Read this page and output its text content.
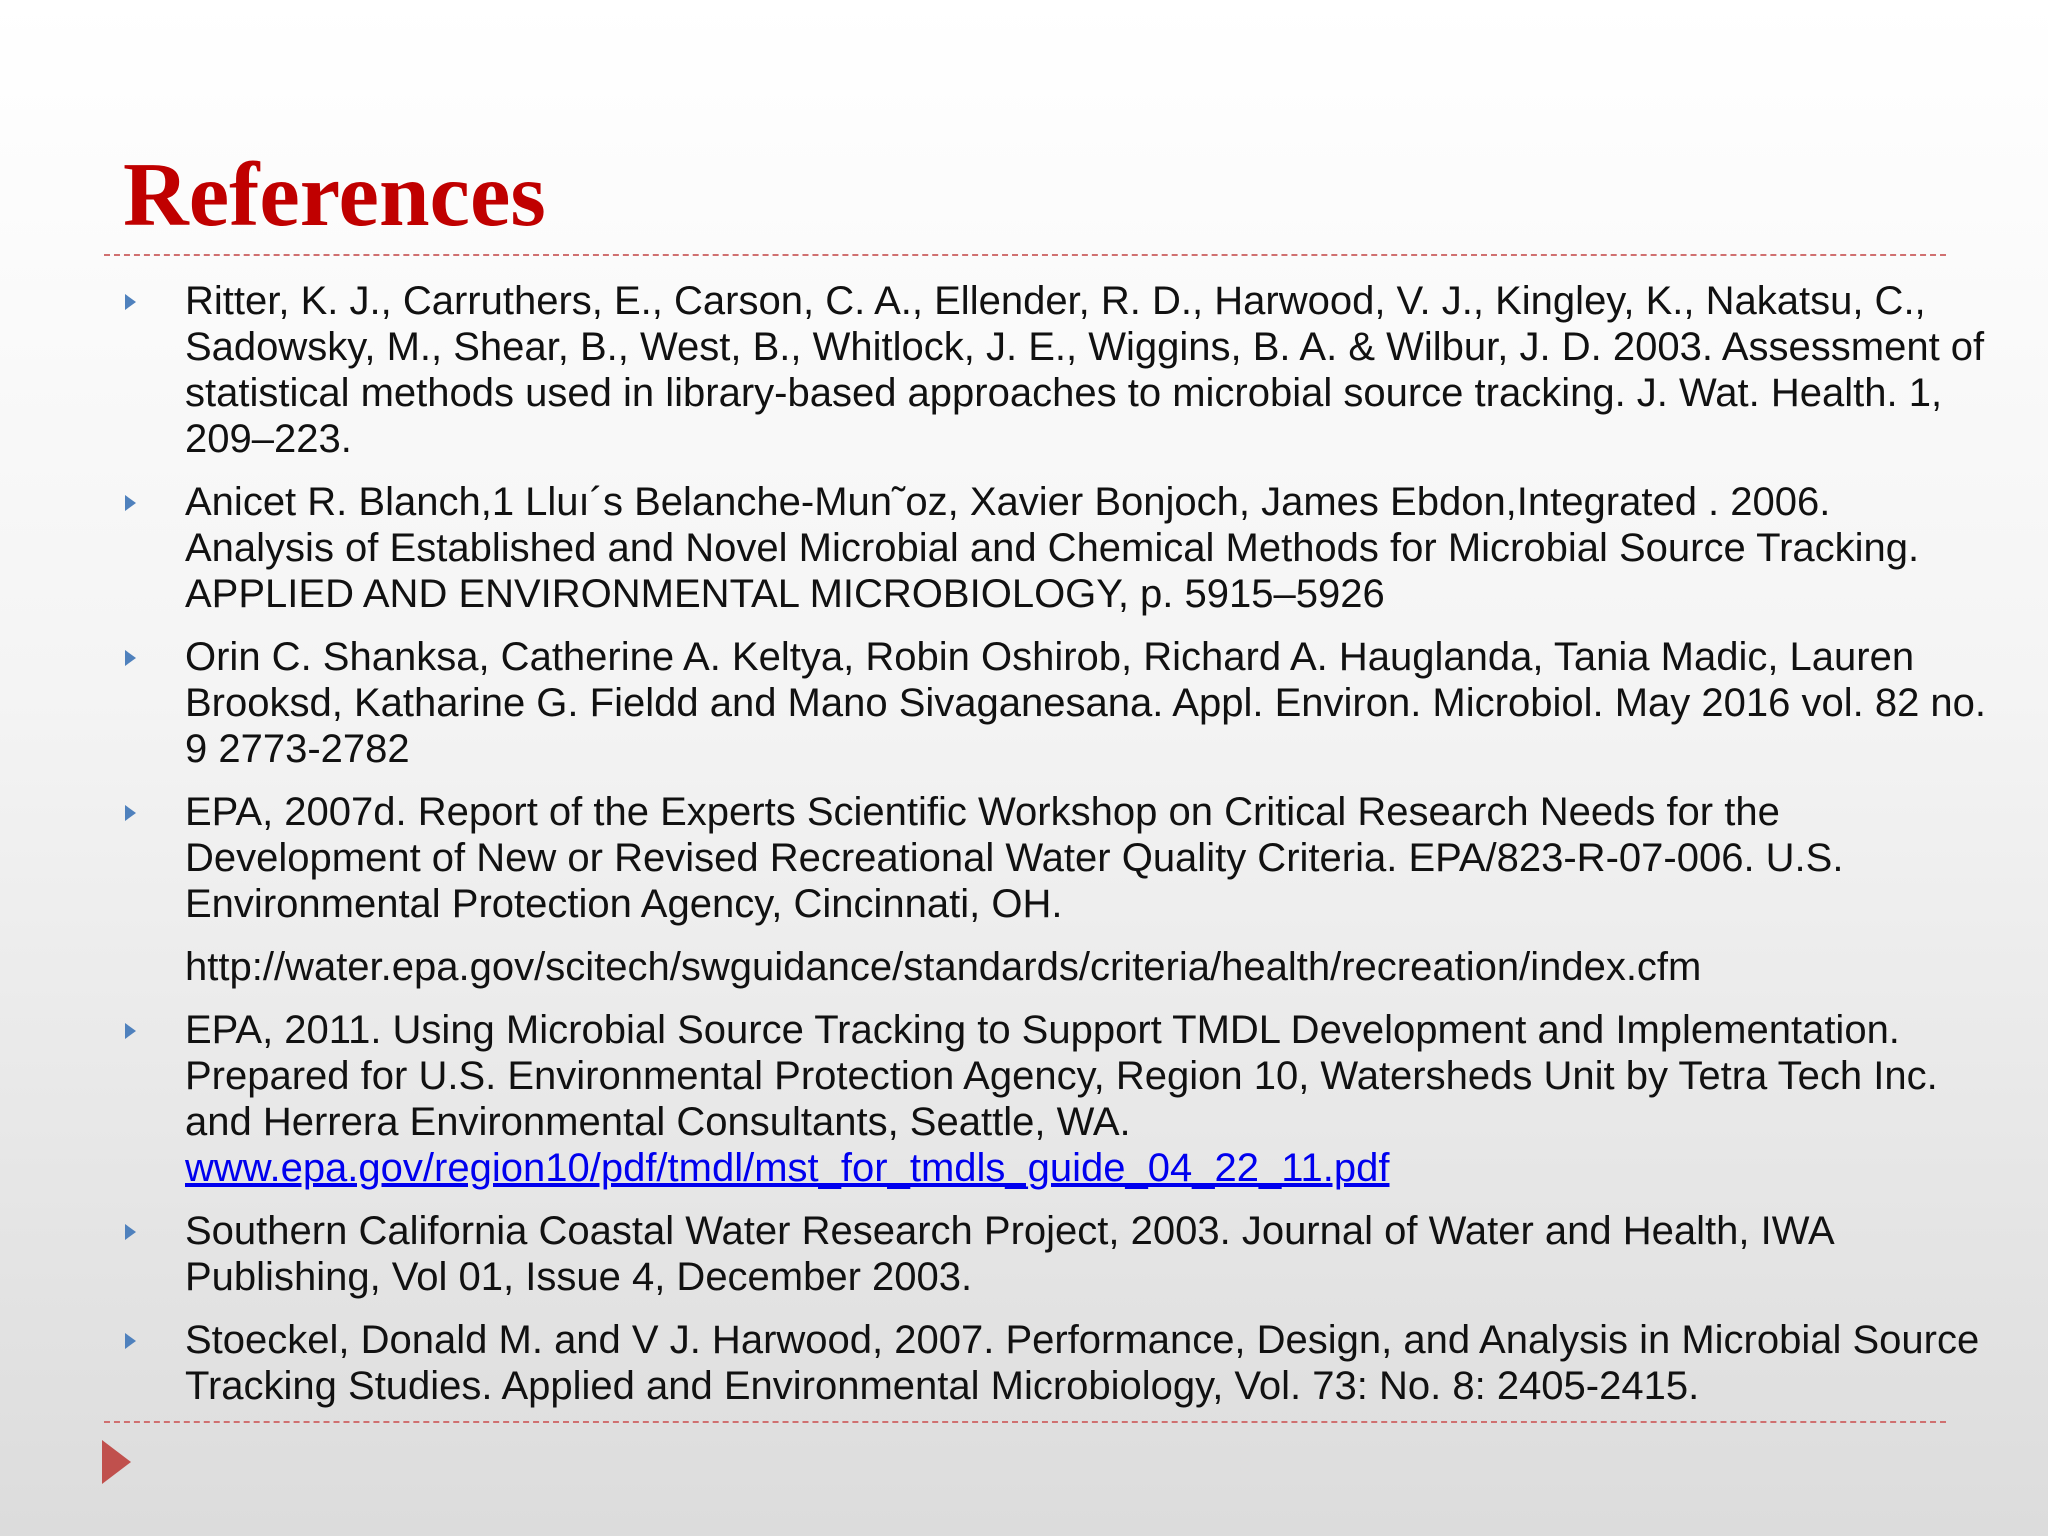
References
Ritter, K. J., Carruthers, E., Carson, C. A., Ellender, R. D., Harwood, V. J., Kingley, K., Nakatsu, C., Sadowsky, M., Shear, B., West, B., Whitlock, J. E., Wiggins, B. A. & Wilbur, J. D. 2003. Assessment of statistical methods used in library-based approaches to microbial source tracking. J. Wat. Health. 1, 209–223.
Anicet R. Blanch,1 Lluı´s Belanche-Mun˜oz, Xavier Bonjoch, James Ebdon,Integrated . 2006. Analysis of Established and Novel Microbial and Chemical Methods for Microbial Source Tracking. APPLIED AND ENVIRONMENTAL MICROBIOLOGY, p. 5915–5926
Orin C. Shanksa, Catherine A. Keltya, Robin Oshirob, Richard A. Hauglanda, Tania Madic, Lauren Brooksd, Katharine G. Fieldd and Mano Sivaganesana. Appl. Environ. Microbiol. May 2016 vol. 82 no. 9 2773-2782
EPA, 2007d. Report of the Experts Scientific Workshop on Critical Research Needs for the Development of New or Revised Recreational Water Quality Criteria. EPA/823-R-07-006. U.S. Environmental Protection Agency, Cincinnati, OH.
http://water.epa.gov/scitech/swguidance/standards/criteria/health/recreation/index.cfm
EPA, 2011. Using Microbial Source Tracking to Support TMDL Development and Implementation. Prepared for U.S. Environmental Protection Agency, Region 10, Watersheds Unit by Tetra Tech Inc. and Herrera Environmental Consultants, Seattle, WA.
www.epa.gov/region10/pdf/tmdl/mst_for_tmdls_guide_04_22_11.pdf
Southern California Coastal Water Research Project, 2003. Journal of Water and Health, IWA Publishing, Vol 01, Issue 4, December 2003.
Stoeckel, Donald M. and V J. Harwood, 2007. Performance, Design, and Analysis in Microbial Source Tracking Studies. Applied and Environmental Microbiology, Vol. 73: No. 8: 2405-2415.
